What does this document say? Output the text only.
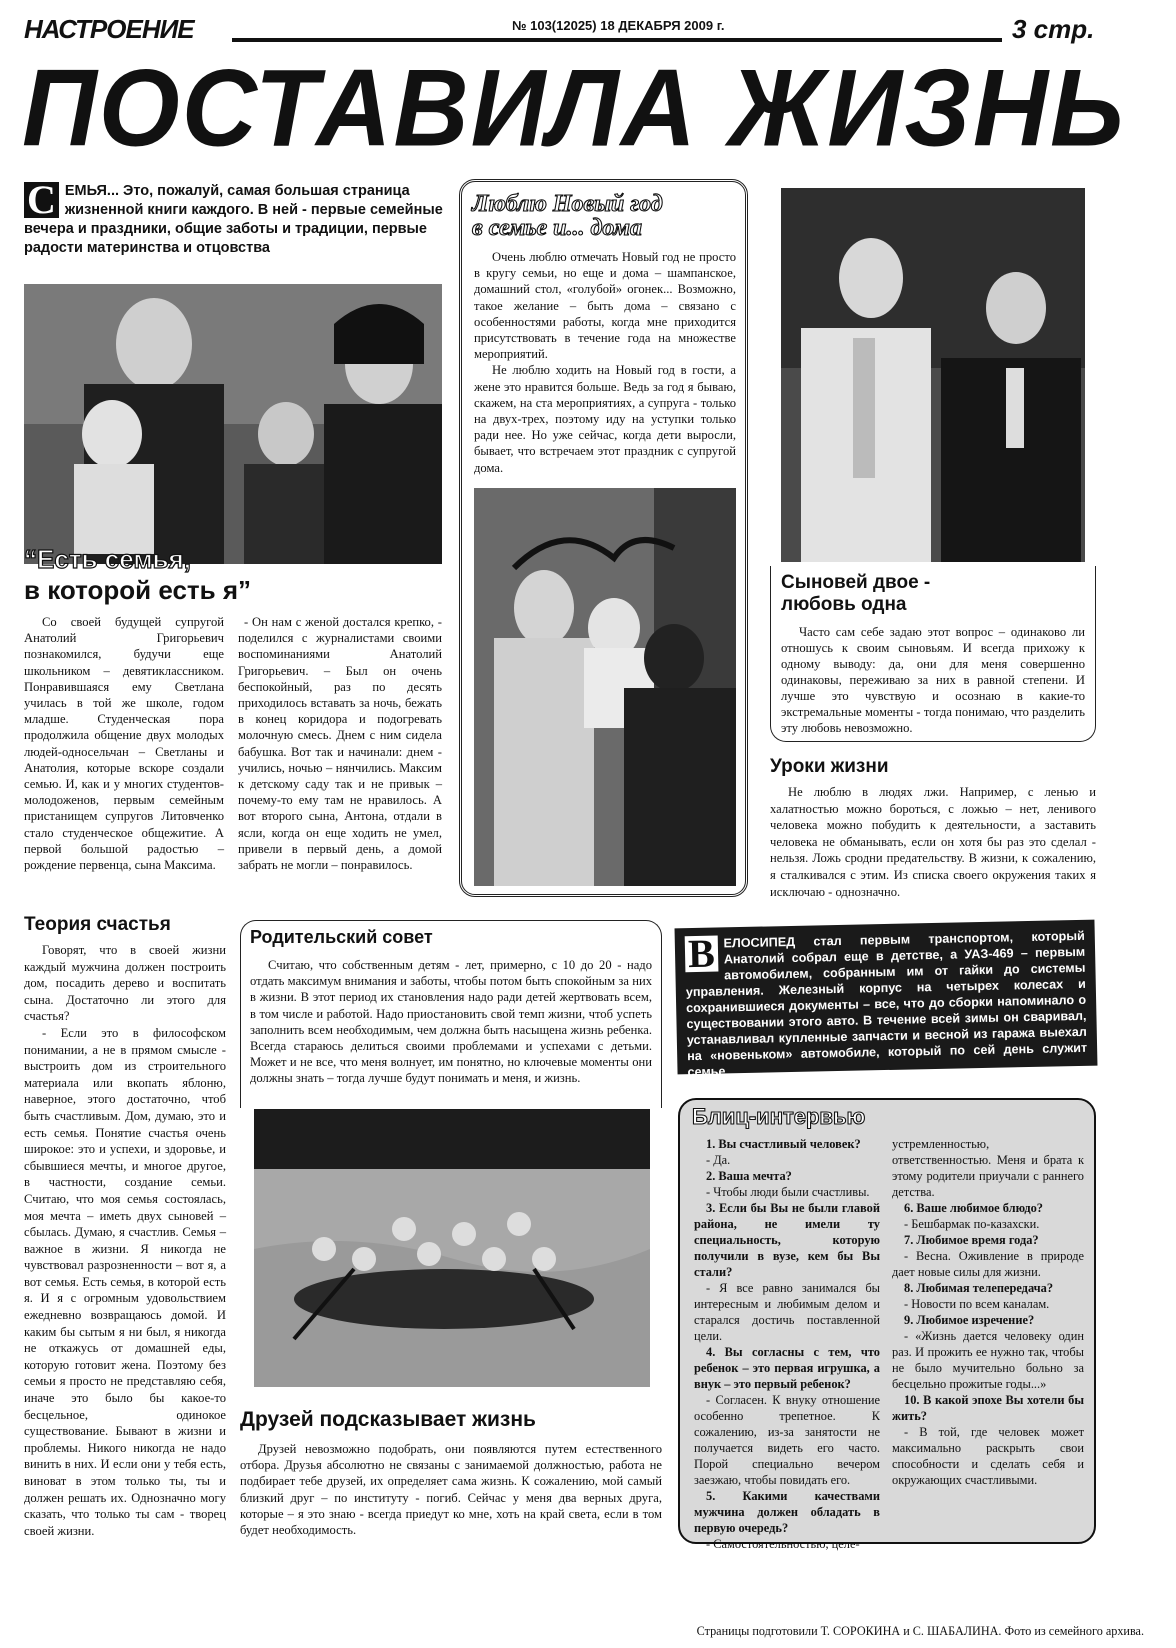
НАСТРОЕНИЕ	№ 103(12025) 18 ДЕКАБРЯ 2009 г.	3 стр.
ПОСТАВИЛА ЖИЗНЬ
С ЕМЬЯ... Это, пожалуй, самая большая страница жизненной книги каждого. В ней - первые семейные вечера и праздники, общие заботы и традиции, первые радости материнства и отцовства
“Есть семья,
в которой есть я”

Со своей будущей супругой Анатолий Григорьевич познакомился, будучи еще школьником – девятиклассником. Понравившаяся ему Светлана училась в той же школе, годом младше. Студенческая пора продолжила общение двух молодых людей-односельчан – Светланы и Анатолия, которые вскоре создали семью. И, как и у многих студентов-молодоженов, первым семейным пристанищем супругов Литовченко стало студенческое общежитие. А первой большой радостью – рождение первенца, сына Максима.

- Он нам с женой достался крепко, - поделился с журналистами своими воспоминаниями Анатолий Григорьевич. – Был он очень беспокойный, раз по десять приходилось вставать за ночь, бежать в конец коридора и подогревать молочную смесь. Днем с ним сидела бабушка. Вот так и начинали: днем - учились, ночью – нянчились. Максим к детскому саду так и не привык – почему-то ему там не нравилось. А вот второго сына, Антона, отдали в ясли, когда он еще ходить не умел, привели в первый день, а домой забрать не могли – понравилось.

Люблю Новый год
в семье и... дома

Очень люблю отмечать Новый год не просто в кругу семьи, но еще и дома – шампанское, домашний стол, «голубой» огонек... Возможно, такое желание – быть дома – связано с особенностями работы, когда мне приходится присутствовать в течение года на множестве мероприятий.

Не люблю ходить на Новый год в гости, а жене это нравится больше. Ведь за год я бываю, скажем, на ста мероприятиях, а супруга - только на двух-трех, поэтому иду на уступки только ради нее. Но уже сейчас, когда дети выросли, бывает, что встречаем этот праздник с супругой дома.

Сыновей двое -
любовь одна

Часто сам себе задаю этот вопрос – одинаково ли отношусь к своим сыновьям. И всегда прихожу к одному выводу: да, они для меня совершенно одинаковы, переживаю за них в равной степени. И лучше это чувствую и осознаю в какие-то экстремальные моменты - тогда понимаю, что разделить эту любовь невозможно.

Уроки жизни

Не люблю в людях лжи. Например, с ленью и халатностью можно бороться, с ложью – нет, ленивого человека можно побудить к деятельности, а заставить человека не обманывать, если он хотя бы раз это сделал - нельзя. Ложь сродни предательству. В жизни, к сожалению, я сталкивался с этим. Из списка своего окружения таких я исключаю - однозначно.

Теория счастья

Говорят, что в своей жизни каждый мужчина должен построить дом, посадить дерево и воспитать сына. Достаточно ли этого для счастья?

- Если это в философском понимании, а не в прямом смысле - выстроить дом из строительного материала или вкопать яблоню, наверное, этого достаточно, чтоб быть счастливым. Дом, думаю, это и есть семья. Понятие счастья очень широкое: это и успехи, и здоровье, и сбывшиеся мечты, и многое другое, в частности, создание семьи. Считаю, что моя семья состоялась, моя мечта – иметь двух сыновей – сбылась. Думаю, я счастлив. Семья – важное в жизни. Я никогда не чувствовал разрозненности – вот я, а вот семья. Есть семья, в которой есть я. И я с огромным удовольствием ежедневно возвращаюсь домой. И каким бы сытым я ни был, я никогда не откажусь от домашней еды, которую готовит жена. Поэтому без семьи я просто не представляю себя, иначе это было бы какое-то бесцельное, одинокое существование. Бывают в жизни и проблемы. Никого никогда не надо винить в них. И если они у тебя есть, виноват в этом только ты, ты и должен решать их. Однозначно могу сказать, что только ты сам - творец своей жизни.

Родительский совет

Считаю, что собственным детям - лет, примерно, с 10 до 20 - надо отдать максимум внимания и заботы, чтобы потом быть спокойным за них в жизни. В этот период их становления надо ради детей жертвовать всем, в том числе и работой. Надо приостановить свой темп жизни, чтоб успеть заполнить всем необходимым, чем должна быть насыщена жизнь ребенка. Всегда стараюсь делиться своими проблемами и успехами с детьми. Может и не все, что меня волнует, им понятно, но ключевые моменты они должны знать – тогда лучше будут понимать и меня, и жизнь.

Друзей подсказывает жизнь

Друзей невозможно подобрать, они появляются путем естественного отбора. Друзья абсолютно не связаны с занимаемой должностью, работа не подбирает тебе друзей, их определяет сама жизнь. К сожалению, мой самый близкий друг – по институту - погиб. Сейчас у меня два верных друга, которые – я это знаю - всегда приедут ко мне, хоть на край света, если в том будет необходимость.

В ЕЛОСИПЕД стал первым транспортом, который Анатолий собрал еще в детстве, а УАЗ-469 – первым автомобилем, собранным им от гайки до системы управления. Железный корпус на четырех колесах и сохранившиеся документы – все, что до сборки напоминало о существовании этого авто. В течение всей зимы он сваривал, устанавливал купленные запчасти и весной из гаража выехал на «новеньком» автомобиле, который по сей день служит семье.
Блиц-интервью
1. Вы счастливый человек?
- Да.
2. Ваша мечта?
- Чтобы люди были счастливы.
3. Если бы Вы не были главой района, не имели ту специальность, которую получили в вузе, кем бы Вы стали?
- Я все равно занимался бы интересным и любимым делом и старался достичь поставленной цели.
4. Вы согласны с тем, что ребенок – это первая игрушка, а внук – это первый ребенок?
- Согласен. К внуку отношение особенно трепетное. К сожалению, из-за занятости не получается видеть его часто. Порой специально вечером заезжаю, чтобы повидать его.
5. Какими качествами мужчина должен обладать в первую очередь?
- Самостоятельностью, целе-
устремленностью, ответственностью. Меня и брата к этому родители приучали с раннего детства.
6. Ваше любимое блюдо?
- Бешбармак по-казахски.
7. Любимое время года?
- Весна. Оживление в природе дает новые силы для жизни.
8. Любимая телепередача?
- Новости по всем каналам.
9. Любимое изречение?
- «Жизнь дается человеку один раз. И прожить ее нужно так, чтобы не было мучительно больно за бесцельно прожитые годы...»
10. В какой эпохе Вы хотели бы жить?
- В той, где человек может максимально раскрыть свои способности и сделать себя и окружающих счастливыми.
Страницы подготовили Т. СОРОКИНА и С. ШАБАЛИНА. Фото из семейного архива.
